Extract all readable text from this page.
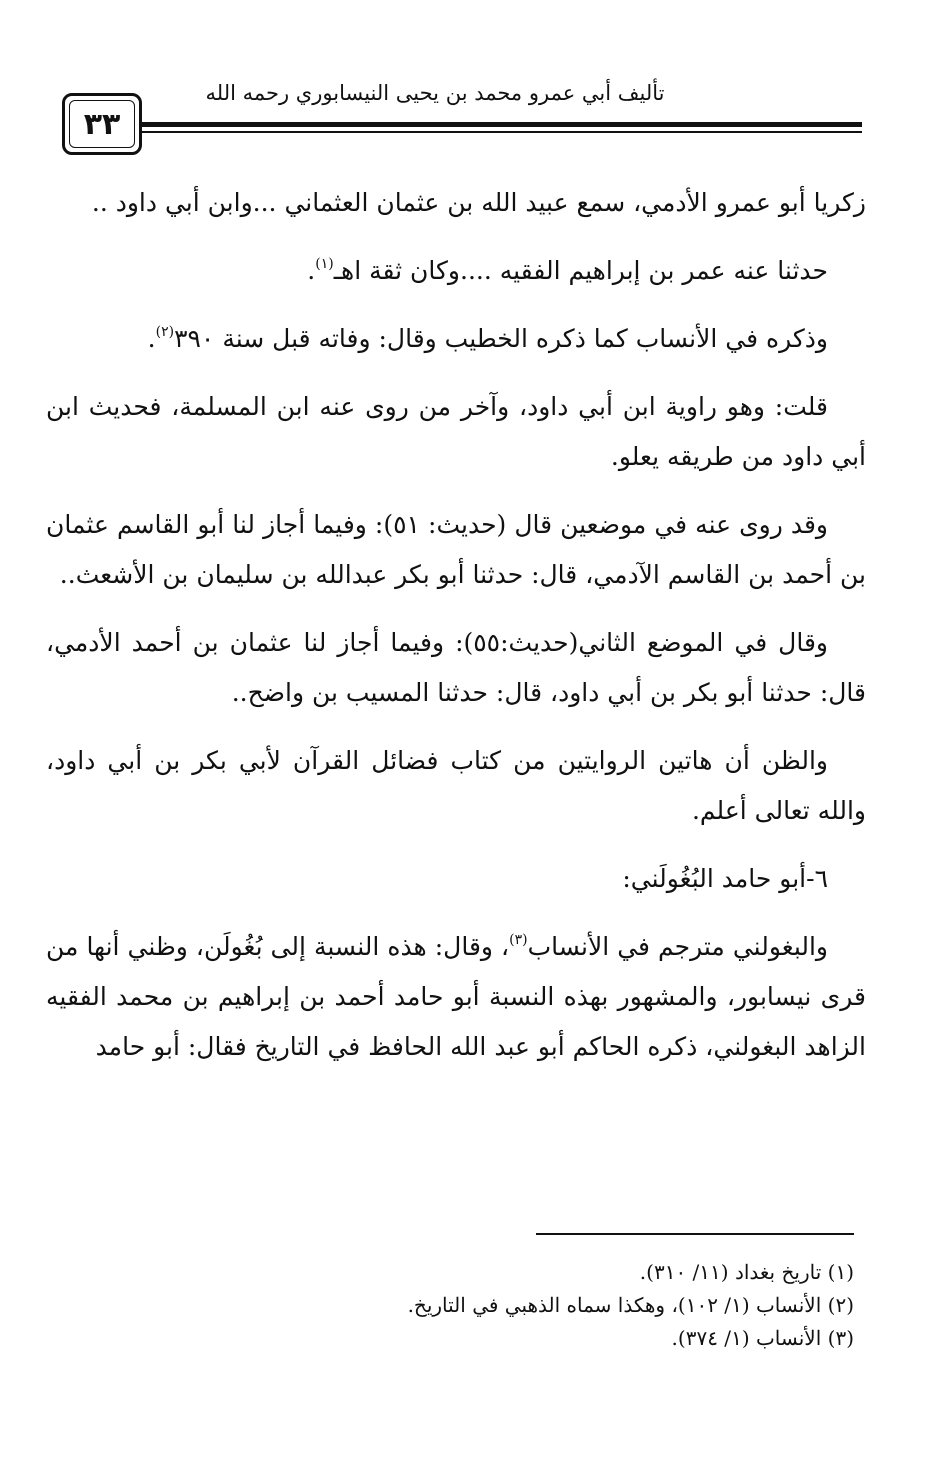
تأليف أبي عمرو محمد بن يحيى النيسابوري رحمه الله
٣٣

زكريا أبو عمرو الأدمي، سمع عبيد الله بن عثمان العثماني ...وابن أبي داود ..

حدثنا عنه عمر بن إبراهيم الفقيه ....وكان ثقة اهـ$^{(١)}$.

وذكره في الأنساب كما ذكره الخطيب وقال: وفاته قبل سنة ٣٩٠$^{(٢)}$.

قلت: وهو راوية ابن أبي داود، وآخر من روى عنه ابن المسلمة، فحديث ابن أبي داود من طريقه يعلو.

وقد روى عنه في موضعين قال (حديث: ٥١): وفيما أجاز لنا أبو القاسم عثمان بن أحمد بن القاسم الآدمي، قال: حدثنا أبو بكر عبدالله بن سليمان بن الأشعث..

وقال في الموضع الثاني(حديث:٥٥): وفيما أجاز لنا عثمان بن أحمد الأدمي، قال: حدثنا أبو بكر بن أبي داود، قال: حدثنا المسيب بن واضح..

والظن أن هاتين الروايتين من كتاب فضائل القرآن لأبي بكر بن أبي داود، والله تعالى أعلم.

٦-أبو حامد البُغُولَني:

والبغولني مترجم في الأنساب$^{(٣)}$، وقال: هذه النسبة إلى بُغُولَن، وظني أنها من قرى نيسابور، والمشهور بهذه النسبة أبو حامد أحمد بن إبراهيم بن محمد الفقيه الزاهد البغولني، ذكره الحاكم أبو عبد الله الحافظ في التاريخ فقال: أبو حامد

(١) تاريخ بغداد (١١/ ٣١٠).
(٢) الأنساب (١/ ١٠٢)، وهكذا سماه الذهبي في التاريخ.
(٣) الأنساب (١/ ٣٧٤).
